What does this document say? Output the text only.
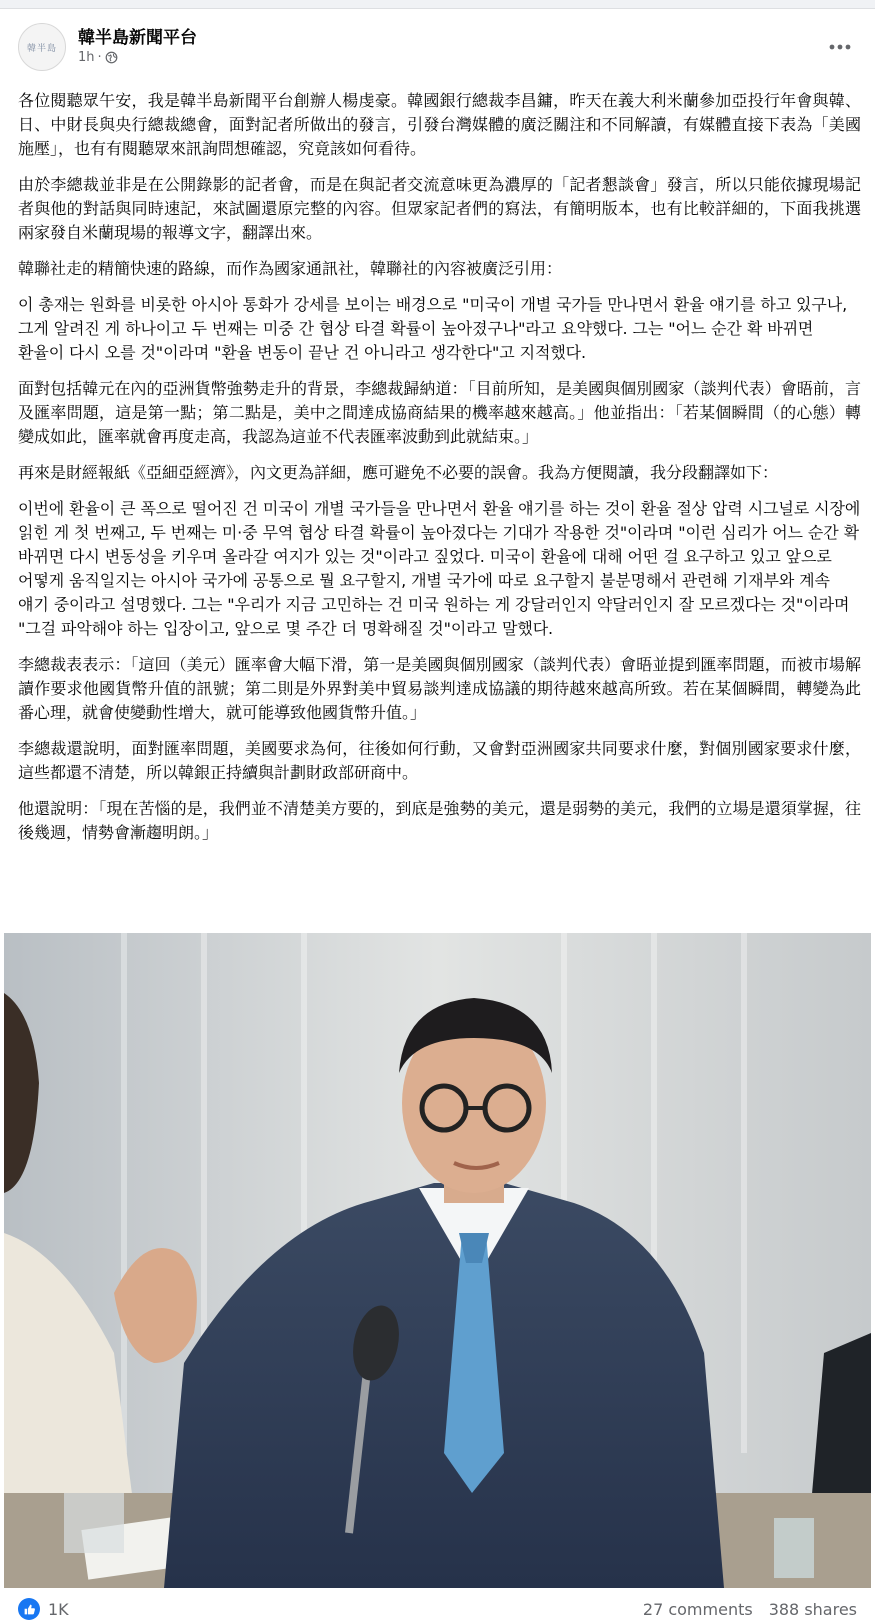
韓半島
韓半島新聞平台
1h ·

各位閱聽眾午安，我是韓半島新聞平台創辦人楊虔豪。韓國銀行總裁李昌鏞，昨天在義大利米蘭參加亞投行年會與韓、日、中財長與央行總裁總會，面對記者所做出的發言，引發台灣媒體的廣泛關注和不同解讀，有媒體直接下表為「美國施壓」，也有有閱聽眾來訊詢問想確認，究竟該如何看待。

由於李總裁並非是在公開錄影的記者會，而是在與記者交流意味更為濃厚的「記者懇談會」發言，所以只能依據現場記者與他的對話與同時速記，來試圖還原完整的內容。但眾家記者們的寫法，有簡明版本，也有比較詳細的，下面我挑選兩家發自米蘭現場的報導文字，翻譯出來。

韓聯社走的精簡快速的路線，而作為國家通訊社，韓聯社的內容被廣泛引用：

이 총재는 원화를 비롯한 아시아 통화가 강세를 보이는 배경으로 "미국이 개별 국가들 만나면서 환율 얘기를 하고 있구나, 그게 알려진 게 하나이고 두 번째는 미중 간 협상 타결 확률이 높아졌구나"라고 요약했다. 그는 "어느 순간 확 바뀌면 환율이 다시 오를 것"이라며 "환율 변동이 끝난 건 아니라고 생각한다"고 지적했다.

面對包括韓元在內的亞洲貨幣強勢走升的背景，李總裁歸納道：「目前所知，是美國與個別國家（談判代表）會晤前，言及匯率問題，這是第一點；第二點是，美中之間達成協商結果的機率越來越高。」他並指出：「若某個瞬間（的心態）轉變成如此，匯率就會再度走高，我認為這並不代表匯率波動到此就結束。」

再來是財經報紙《亞細亞經濟》，內文更為詳細，應可避免不必要的誤會。我為方便閱讀，我分段翻譯如下：

이번에 환율이 큰 폭으로 떨어진 건 미국이 개별 국가들을 만나면서 환율 얘기를 하는 것이 환율 절상 압력 시그널로 시장에 읽힌 게 첫 번째고, 두 번째는 미·중 무역 협상 타결 확률이 높아졌다는 기대가 작용한 것"이라며 "이런 심리가 어느 순간 확 바뀌면 다시 변동성을 키우며 올라갈 여지가 있는 것"이라고 짚었다. 미국이 환율에 대해 어떤 걸 요구하고 있고 앞으로 어떻게 움직일지는 아시아 국가에 공통으로 뭘 요구할지, 개별 국가에 따로 요구할지 불분명해서 관련해 기재부와 계속 얘기 중이라고 설명했다. 그는 "우리가 지금 고민하는 건 미국 원하는 게 강달러인지 약달러인지 잘 모르겠다는 것"이라며 "그걸 파악해야 하는 입장이고, 앞으로 몇 주간 더 명확해질 것"이라고 말했다.

李總裁表表示：「這回（美元）匯率會大幅下滑，第一是美國與個別國家（談判代表）會晤並提到匯率問題，而被市場解讀作要求他國貨幣升值的訊號；第二則是外界對美中貿易談判達成協議的期待越來越高所致。若在某個瞬間，轉變為此番心理，就會使變動性增大，就可能導致他國貨幣升值。」

李總裁還說明，面對匯率問題，美國要求為何，往後如何行動，又會對亞洲國家共同要求什麼，對個別國家要求什麼，這些都還不清楚，所以韓銀正持續與計劃財政部研商中。

他還說明：「現在苦惱的是，我們並不清楚美方要的，到底是強勢的美元，還是弱勢的美元，我們的立場是還須掌握，往後幾週，情勢會漸趨明朗。」

1K	27 comments 388 shares
